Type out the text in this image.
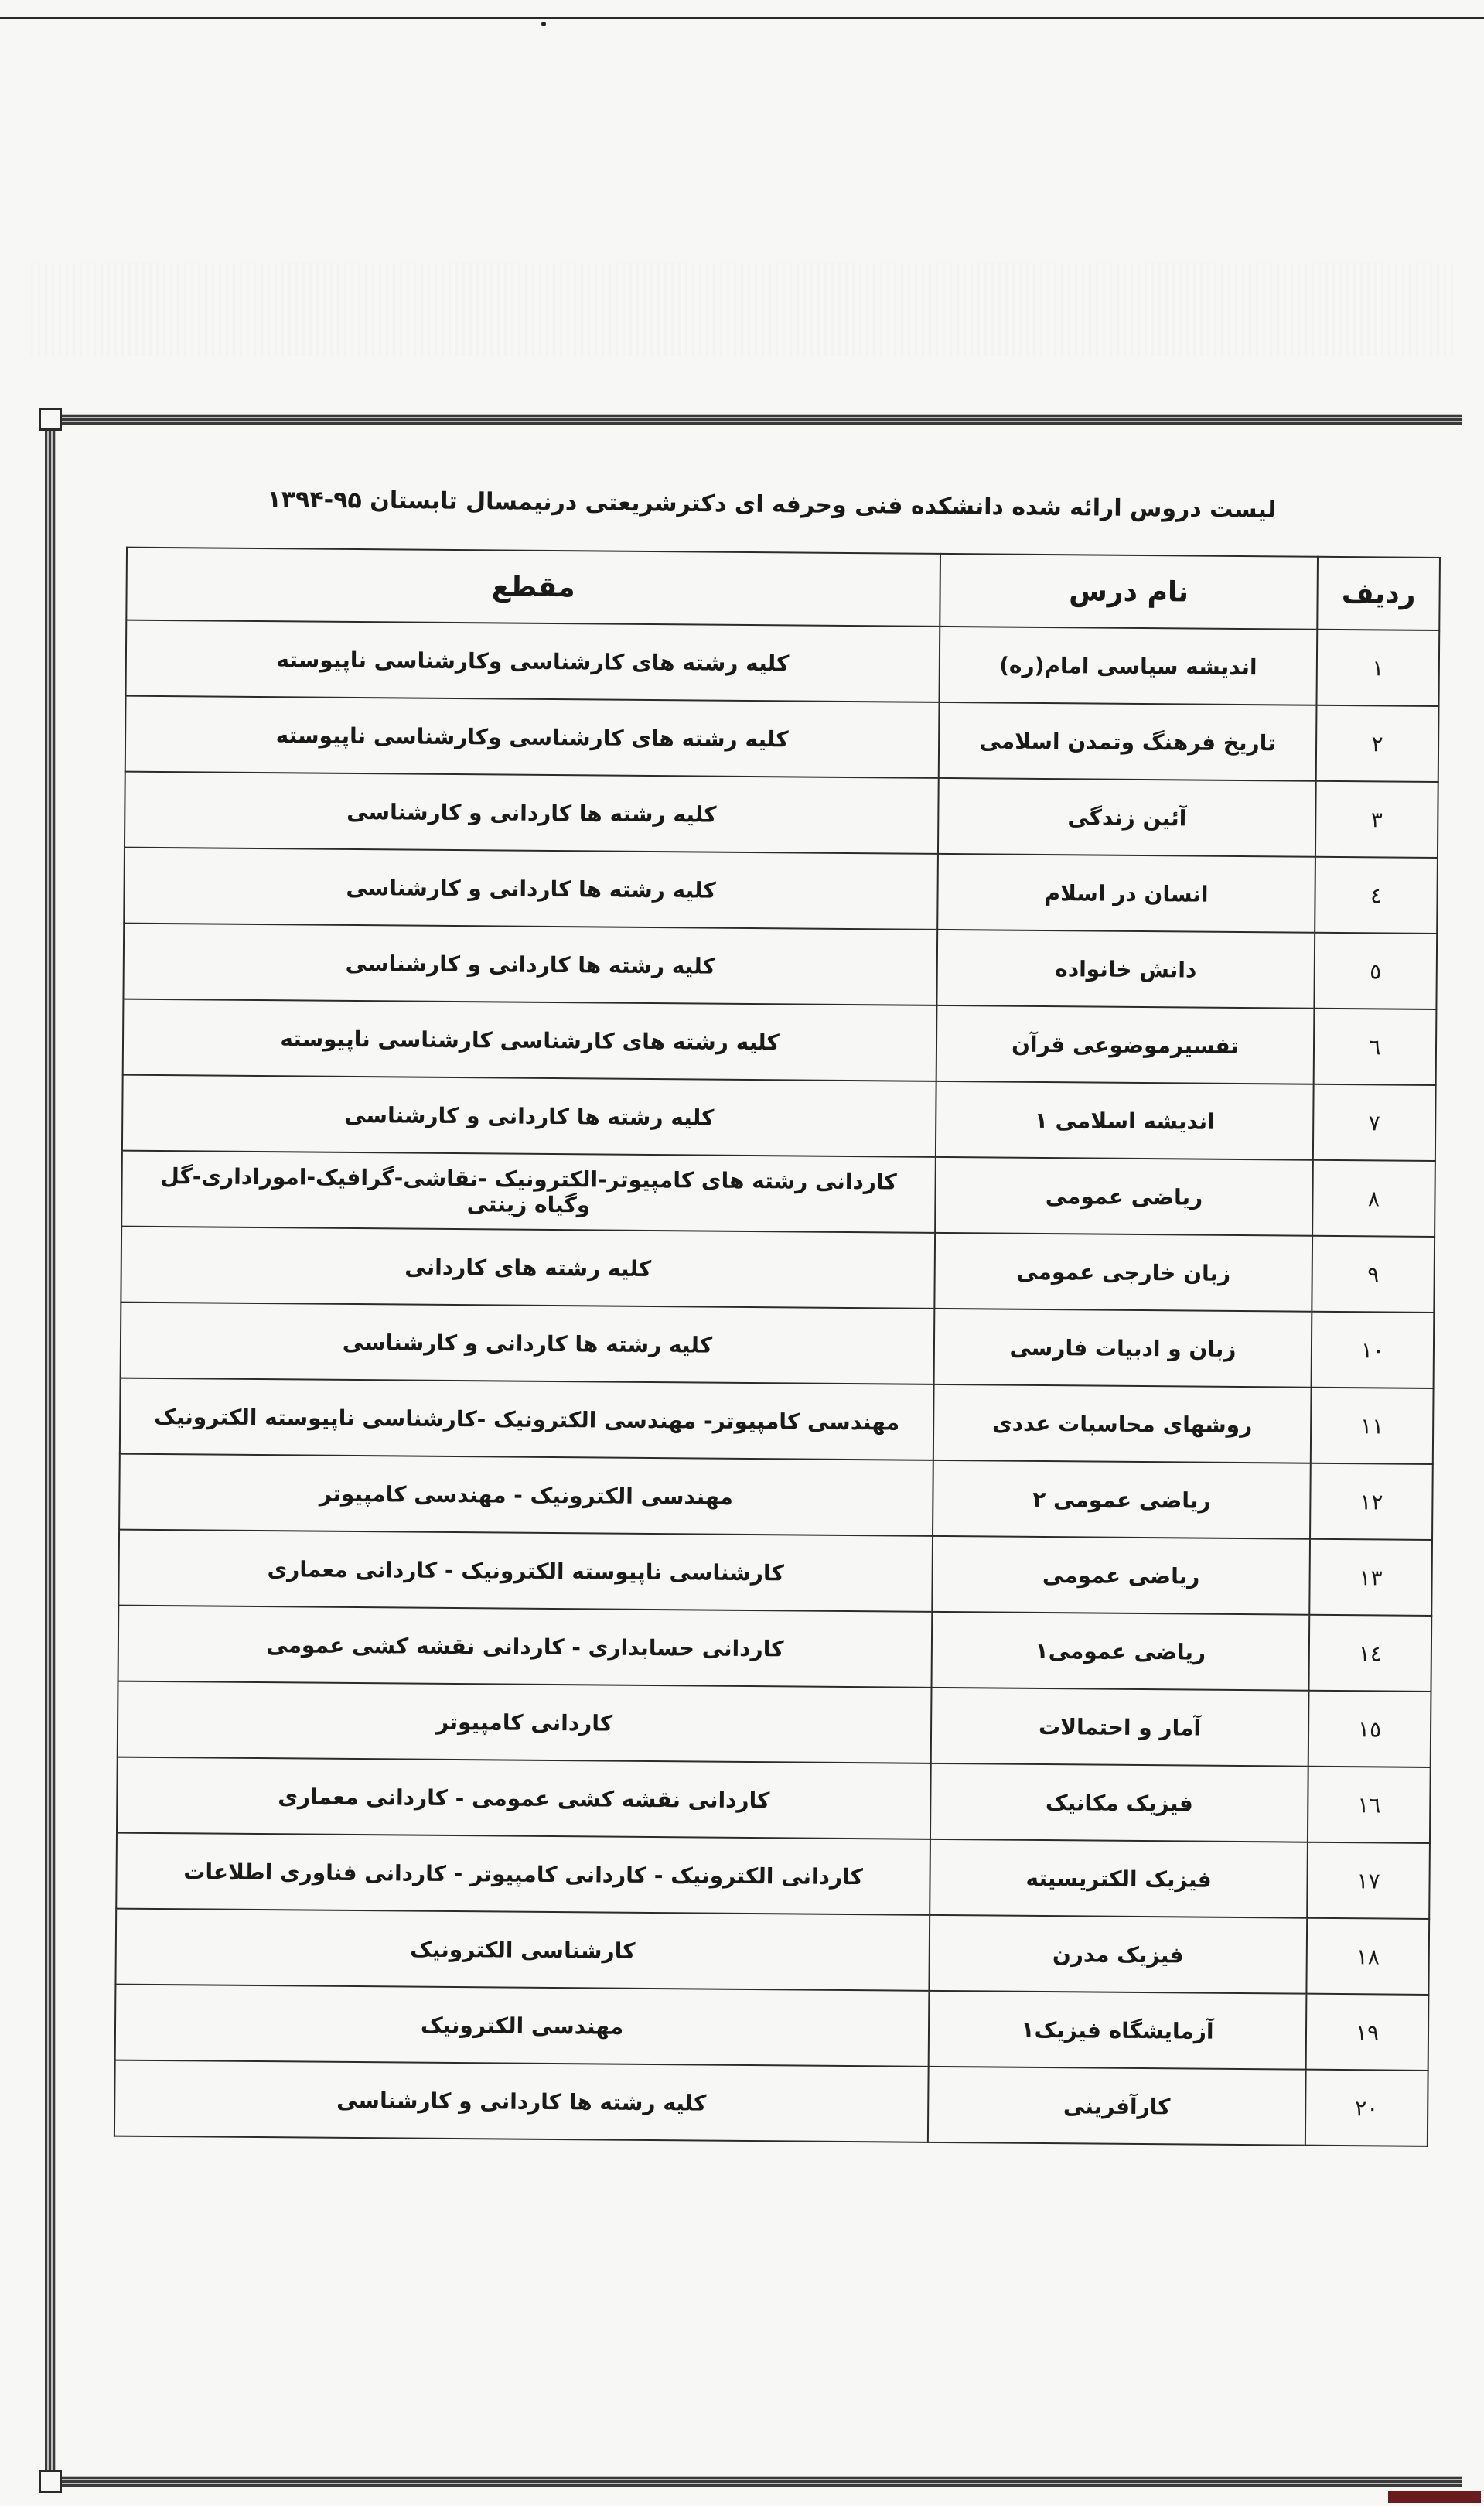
لیست دروس ارائه شده دانشکده فنی وحرفه ای دکترشریعتی درنیمسال تابستان ۹۵-۱۳۹۴
ردیف	نام درس	مقطع
۱	اندیشه سیاسی امام(ره)	کلیه رشته های کارشناسی وکارشناسی ناپیوسته
۲	تاریخ فرهنگ وتمدن اسلامی	کلیه رشته های کارشناسی وکارشناسی ناپیوسته
۳	آئین زندگی	کلیه رشته ها کاردانی و کارشناسی
٤	انسان در اسلام	کلیه رشته ها کاردانی و کارشناسی
٥	دانش خانواده	کلیه رشته ها کاردانی و کارشناسی
٦	تفسیرموضوعی قرآن	کلیه رشته های کارشناسی کارشناسی ناپیوسته
۷	اندیشه اسلامی ۱	کلیه رشته ها کاردانی و کارشناسی
۸	ریاضی عمومی	کاردانی رشته های کامپیوتر-الکترونیک -نقاشی-گرافیک-اموراداری-گل وگیاه زینتی
۹	زبان خارجی عمومی	کلیه رشته های کاردانی
۱۰	زبان و ادبیات فارسی	کلیه رشته ها کاردانی و کارشناسی
۱۱	روشهای محاسبات عددی	مهندسی کامپیوتر- مهندسی الکترونیک -کارشناسی ناپیوسته الکترونیک
۱۲	ریاضی عمومی ۲	مهندسی الکترونیک - مهندسی کامپیوتر
۱۳	ریاضی عمومی	کارشناسی ناپیوسته الکترونیک - کاردانی معماری
۱٤	ریاضی عمومی۱	کاردانی حسابداری - کاردانی نقشه کشی عمومی
۱٥	آمار و احتمالات	کاردانی کامپیوتر
۱٦	فیزیک مکانیک	کاردانی نقشه کشی عمومی - کاردانی معماری
۱۷	فیزیک الکتریسیته	کاردانی الکترونیک - کاردانی کامپیوتر - کاردانی فناوری اطلاعات
۱۸	فیزیک مدرن	کارشناسی الکترونیک
۱۹	آزمایشگاه فیزیک۱	مهندسی الکترونیک
۲۰	کارآفرینی	کلیه رشته ها کاردانی و کارشناسی
